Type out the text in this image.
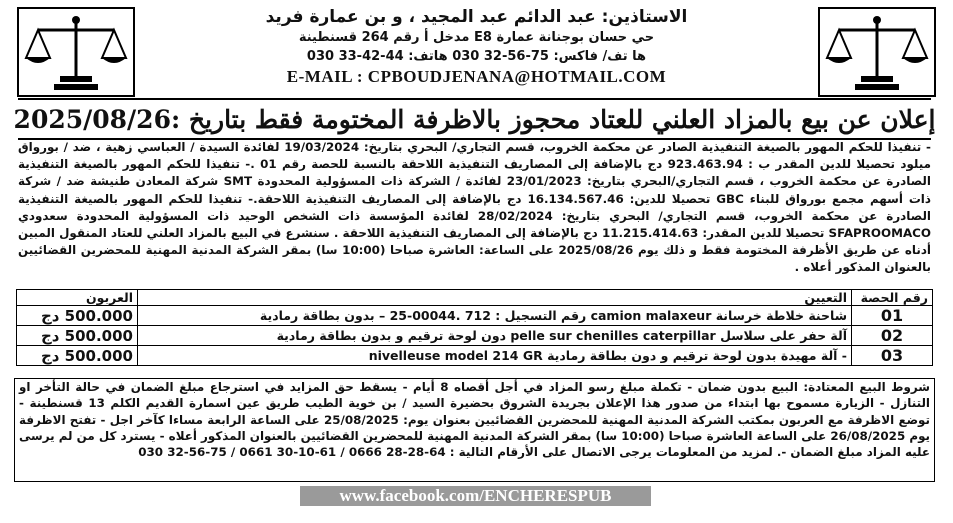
الاستاذين: عبد الدائم عبد المجيد ، و بن عمارة فريد
حي حسان بوجنانة عمارة E8 مدخل أ رقم 264 قسنطينة
ها تف/ فاكس: 75-56-32 030 هاتف: 44-42-33 030
E-MAIL : CPBOUDJENANA@HOTMAIL.COM
إعلان عن بيع بالمزاد العلني للعتاد محجوز بالاظرفة المختومة فقط بتاريخ :2025/08/26

- تنفيذا للحكم المهور بالصيغة التنفيذية الصادر عن محكمة الخروب، قسم التجاري/ البحري بتاريخ: 19/03/2024 لفائدة السيدة / العباسي زهية ، ضد / بورواق ميلود تحصيلا للدين المقدر ب : 923.463.94 دج بالإضافة إلى المصاريف التنفيذية اللاحقة بالنسبة للحصة رقم 01 .- تنفيذا للحكم المهور بالصيغة التنفيذية الصادرة عن محكمة الخروب ، قسم التجاري/البحري بتاريخ: 23/01/2023 لفائدة / الشركة ذات المسؤولية المحدودة SMT شركة المعادن طنيشة ضد / شركة ذات أسهم مجمع بورواق للبناء GBC تحصيلا للدين: 16.134.567.46 دج بالإضافة إلى المصاريف التنفيذية اللاحقة.- تنفيذا للحكم المهور بالصيغة التنفيذية الصادرة عن محكمة الخروب، قسم التجاري/ البحري بتاريخ: 28/02/2024 لفائدة المؤسسة ذات الشخص الوحيد ذات المسؤولية المحدودة سعدودي SFAPROOMACO تحصيلا للدين المقدر: 11.215.414.63 دج بالإضافة إلى المصاريف التنفيذية اللاحقة . سنشرع في البيع بالمزاد العلني للعتاد المنقول المبين أدناه عن طريق الأظرفة المختومة فقط و ذلك يوم 2025/08/26 على الساعة: العاشرة صباحا (10:00 سا) بمقر الشركة المدنية المهنية للمحضرين القضائيين بالعنوان المذكور أعلاه .

رقم الحصة	التعيين	العربون
01	شاحنة خلاطة خرسانة camion malaxeur رقم التسجيل : 712 .00044-25 – بدون بطاقة رمادية	500.000 دج
02	آلة حفر على سلاسل pelle sur chenilles caterpillar دون لوحة ترقيم و بدون بطاقة رمادية	500.000 دج
03	- آلة مهيدة بدون لوحة ترقيم و دون بطاقة رمادية nivelleuse model 214 GR	500.000 دج
شروط البيع المعتادة: البيع بدون ضمان - تكملة مبلغ رسو المزاد في أجل أقصاه 8 أيام - يسقط حق المزايد في استرجاع مبلغ الضمان في حالة التأخر او التنازل - الزيارة مسموح بها ابتداء من صدور هذا الإعلان بجريدة الشروق بحضيرة السيد / بن خوية الطيب طريق عين اسمارة القديم الكلم 13 قسنطينة - توضع الاظرفة مع العربون بمكتب الشركة المدنية المهنية للمحضرين القضائيين بعنوان يوم: 25/08/2025 على الساعة الرابعة مساءا كآخر اجل - تفتح الاظرفة يوم 26/08/2025 على الساعة العاشرة صباحا (10:00 سا) بمقر الشركة المدنية المهنية للمحضرين القضائيين بالعنوان المذكور أعلاه - يسترد كل من لم يرسى عليه المزاد مبلغ الضمان -. لمزيد من المعلومات يرجى الاتصال على الأرقام التالية : 64-28-28 0666 / 61-10-30 0661 / 75-56-32 030
www.facebook.com/ENCHERESPUB
